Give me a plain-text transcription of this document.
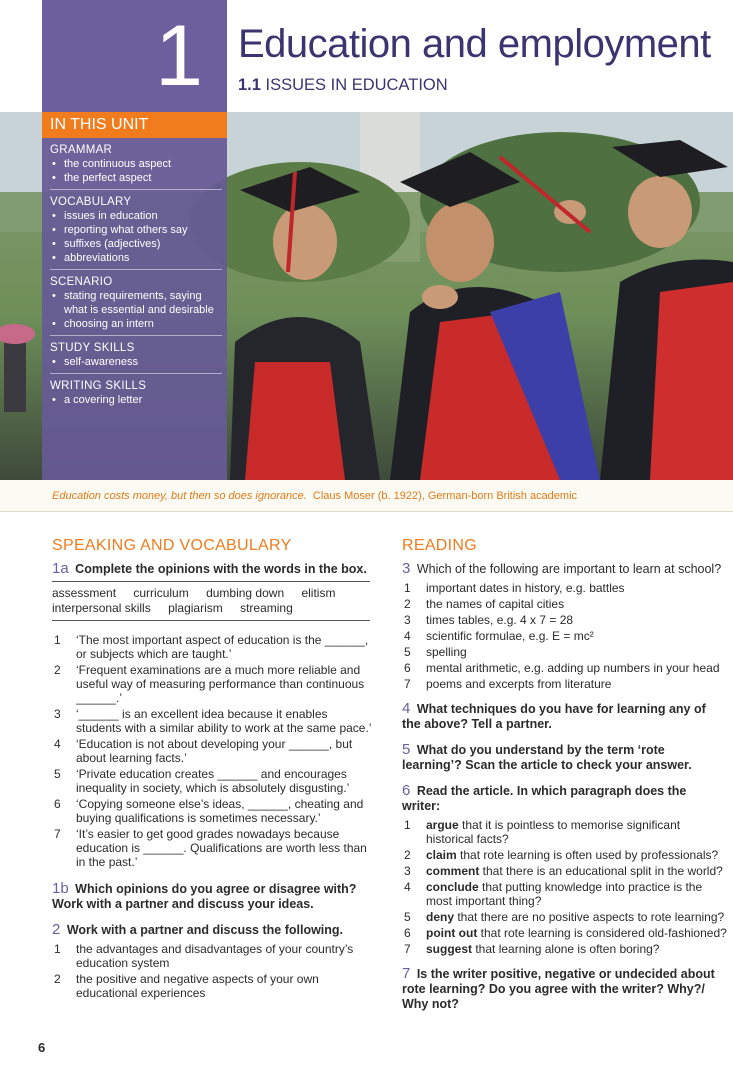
1
IN THIS UNIT
GRAMMAR
• the continuous aspect
• the perfect aspect
VOCABULARY
• issues in education
• reporting what others say
• suffixes (adjectives)
• abbreviations
SCENARIO
• stating requirements, saying what is essential and desirable
• choosing an intern
STUDY SKILLS
• self-awareness
WRITING SKILLS
• a covering letter
Education and employment
1.1 ISSUES IN EDUCATION
Education costs money, but then so does ignorance. Claus Moser (b. 1922), German-born British academic
SPEAKING AND VOCABULARY
1a Complete the opinions with the words in the box.
assessment curriculum dumbing down elitism interpersonal skills plagiarism streaming
1 ‘The most important aspect of education is the ______, or subjects which are taught.’
2 ‘Frequent examinations are a much more reliable and useful way of measuring performance than continuous ______.’
3 ‘______ is an excellent idea because it enables students with a similar ability to work at the same pace.’
4 ‘Education is not about developing your ______, but about learning facts.’
5 ‘Private education creates ______ and encourages inequality in society, which is absolutely disgusting.’
6 ‘Copying someone else’s ideas, ______, cheating and buying qualifications is sometimes necessary.’
7 ‘It’s easier to get good grades nowadays because education is ______. Qualifications are worth less than in the past.’
1b Which opinions do you agree or disagree with? Work with a partner and discuss your ideas.
2 Work with a partner and discuss the following.
1 the advantages and disadvantages of your country’s education system
2 the positive and negative aspects of your own educational experiences
READING
3 Which of the following are important to learn at school?
1 important dates in history, e.g. battles
2 the names of capital cities
3 times tables, e.g. 4 x 7 = 28
4 scientific formulae, e.g. E = mc²
5 spelling
6 mental arithmetic, e.g. adding up numbers in your head
7 poems and excerpts from literature
4 What techniques do you have for learning any of the above? Tell a partner.
5 What do you understand by the term ‘rote learning’? Scan the article to check your answer.
6 Read the article. In which paragraph does the writer:
1 argue that it is pointless to memorise significant historical facts?
2 claim that rote learning is often used by professionals?
3 comment that there is an educational split in the world?
4 conclude that putting knowledge into practice is the most important thing?
5 deny that there are no positive aspects to rote learning?
6 point out that rote learning is considered old-fashioned?
7 suggest that learning alone is often boring?
7 Is the writer positive, negative or undecided about rote learning? Do you agree with the writer? Why?/ Why not?
6
